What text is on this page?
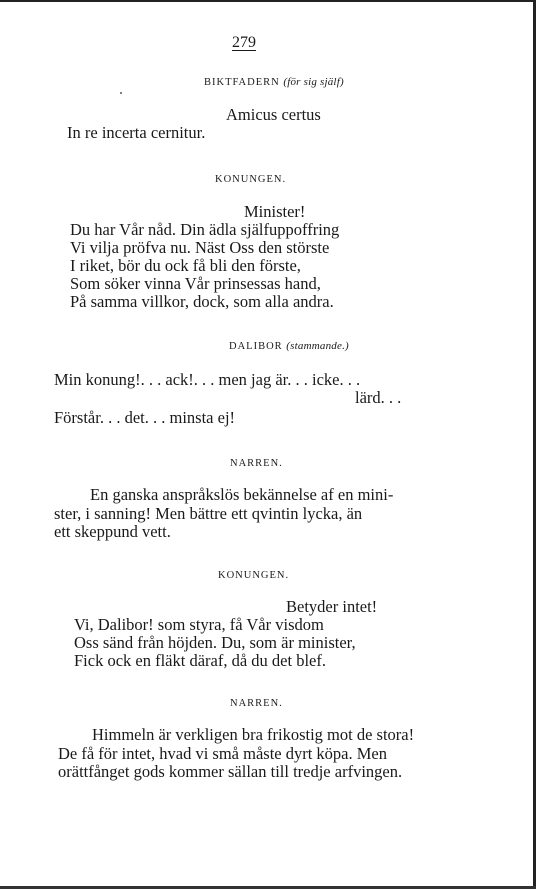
279
BIKTFADERN (för sig själf)
Amicus certus
In re incerta cernitur.
KONUNGEN.
Minister!
Du har Vår nåd. Din ädla själfuppoffring
Vi vilja pröfva nu. Näst Oss den störste
I riket, bör du ock få bli den förste,
Som söker vinna Vår prinsessas hand,
På samma villkor, dock, som alla andra.
DALIBOR (stammande.)
Min konung!. . . ack!. . . men jag är. . . icke. . .
lärd. . .
Förstår. . . det. . . minsta ej!
NARREN.
En ganska anspråkslös bekännelse af en mini-
ster, i sanning! Men bättre ett qvintin lycka, än
ett skeppund vett.
KONUNGEN.
Betyder intet!
Vi, Dalibor! som styra, få Vår visdom
Oss sänd från höjden. Du, som är minister,
Fick ock en fläkt däraf, då du det blef.
NARREN.
Himmeln är verkligen bra frikostig mot de stora!
De få för intet, hvad vi små måste dyrt köpa. Men
orättfånget gods kommer sällan till tredje arfvingen.
